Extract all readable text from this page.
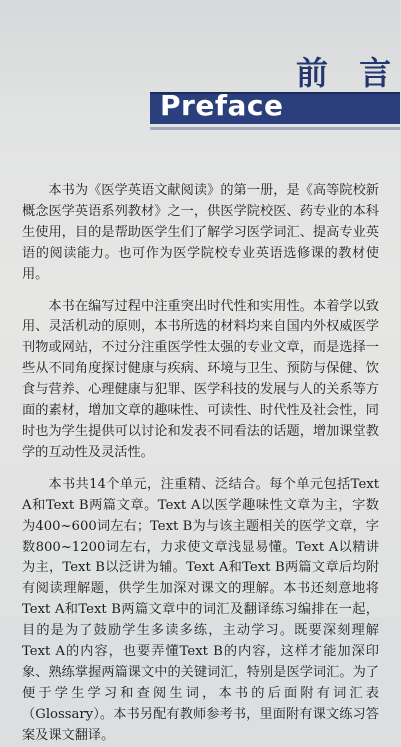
前 言
Preface

本书为《医学英语文献阅读》的第一册，是《高等院校新概念医学英语系列教材》之一，供医学院校医、药专业的本科生使用，目的是帮助医学生们了解学习医学词汇、提高专业英语的阅读能力。也可作为医学院校专业英语选修课的教材使用。

本书在编写过程中注重突出时代性和实用性。本着学以致用、灵活机动的原则，本书所选的材料均来自国内外权威医学刊物或网站，不过分注重医学性太强的专业文章，而是选择一些从不同角度探讨健康与疾病、环境与卫生、预防与保健、饮食与营养、心理健康与犯罪、医学科技的发展与人的关系等方面的素材，增加文章的趣味性、可读性、时代性及社会性，同时也为学生提供可以讨论和发表不同看法的话题，增加课堂教学的互动性及灵活性。

本书共14个单元，注重精、泛结合。每个单元包括Text A和Text B两篇文章。Text A以医学趣味性文章为主，字数为400~600词左右；Text B为与该主题相关的医学文章，字数800~1200词左右，力求使文章浅显易懂。Text A以精讲为主，Text B以泛讲为辅。Text A和Text B两篇文章后均附有阅读理解题，供学生加深对课文的理解。本书还刻意地将Text A和Text B两篇文章中的词汇及翻译练习编排在一起，目的是为了鼓励学生多读多练，主动学习。既要深刻理解Text A的内容，也要弄懂Text B的内容，这样才能加深印象、熟练掌握两篇课文中的关键词汇，特别是医学词汇。为了便于学生学习和查阅生词，本书的后面附有词汇表（Glossary）。本书另配有教师参考书，里面附有课文练习答案及课文翻译。
